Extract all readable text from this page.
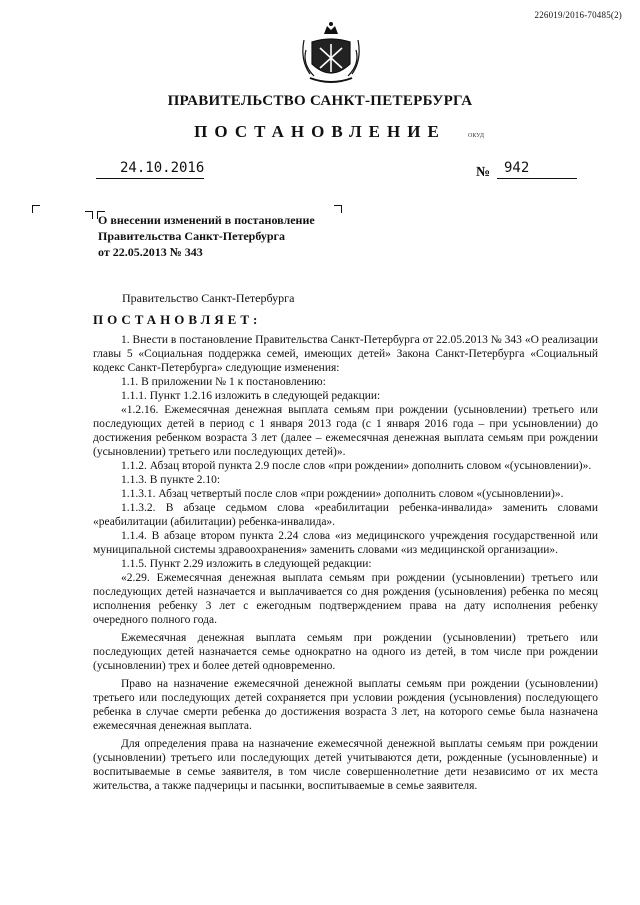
226019/2016-70485(2)
ПРАВИТЕЛЬСТВО САНКТ-ПЕТЕРБУРГА
ПОСТАНОВЛЕНИЕ	ОКУД
24.10.2016	№ 942
О внесении изменений в постановление
Правительства Санкт-Петербурга
от 22.05.2013 № 343
Правительство Санкт-Петербурга
ПОСТАНОВЛЯЕТ:

1. Внести в постановление Правительства Санкт-Петербурга от 22.05.2013 № 343 «О реализации главы 5 «Социальная поддержка семей, имеющих детей» Закона Санкт-Петербурга «Социальный кодекс Санкт-Петербурга» следующие изменения:

1.1. В приложении № 1 к постановлению:

1.1.1. Пункт 1.2.16 изложить в следующей редакции:

«1.2.16. Ежемесячная денежная выплата семьям при рождении (усыновлении) третьего или последующих детей в период с 1 января 2013 года (с 1 января 2016 года – при усыновлении) до достижения ребенком возраста 3 лет (далее – ежемесячная денежная выплата семьям при рождении (усыновлении) третьего или последующих детей)».

1.1.2. Абзац второй пункта 2.9 после слов «при рождении» дополнить словом «(усыновлении)».

1.1.3. В пункте 2.10:

1.1.3.1. Абзац четвертый после слов «при рождении» дополнить словом «(усыновлении)».

1.1.3.2. В абзаце седьмом слова «реабилитации ребенка-инвалида» заменить словами «реабилитации (абилитации) ребенка-инвалида».

1.1.4. В абзаце втором пункта 2.24 слова «из медицинского учреждения государственной или муниципальной системы здравоохранения» заменить словами «из медицинской организации».

1.1.5. Пункт 2.29 изложить в следующей редакции:

«2.29. Ежемесячная денежная выплата семьям при рождении (усыновлении) третьего или последующих детей назначается и выплачивается со дня рождения (усыновления) ребенка по месяц исполнения ребенку 3 лет с ежегодным подтверждением права на дату исполнения ребенку очередного полного года.

Ежемесячная денежная выплата семьям при рождении (усыновлении) третьего или последующих детей назначается семье однократно на одного из детей, в том числе при рождении (усыновлении) трех и более детей одновременно.

Право на назначение ежемесячной денежной выплаты семьям при рождении (усыновлении) третьего или последующих детей сохраняется при условии рождения (усыновления) последующего ребенка в случае смерти ребенка до достижения возраста 3 лет, на которого семье была назначена ежемесячная денежная выплата.

Для определения права на назначение ежемесячной денежной выплаты семьям при рождении (усыновлении) третьего или последующих детей учитываются дети, рожденные (усыновленные) и воспитываемые в семье заявителя, в том числе совершеннолетние дети независимо от их места жительства, а также падчерицы и пасынки, воспитываемые в семье заявителя.
